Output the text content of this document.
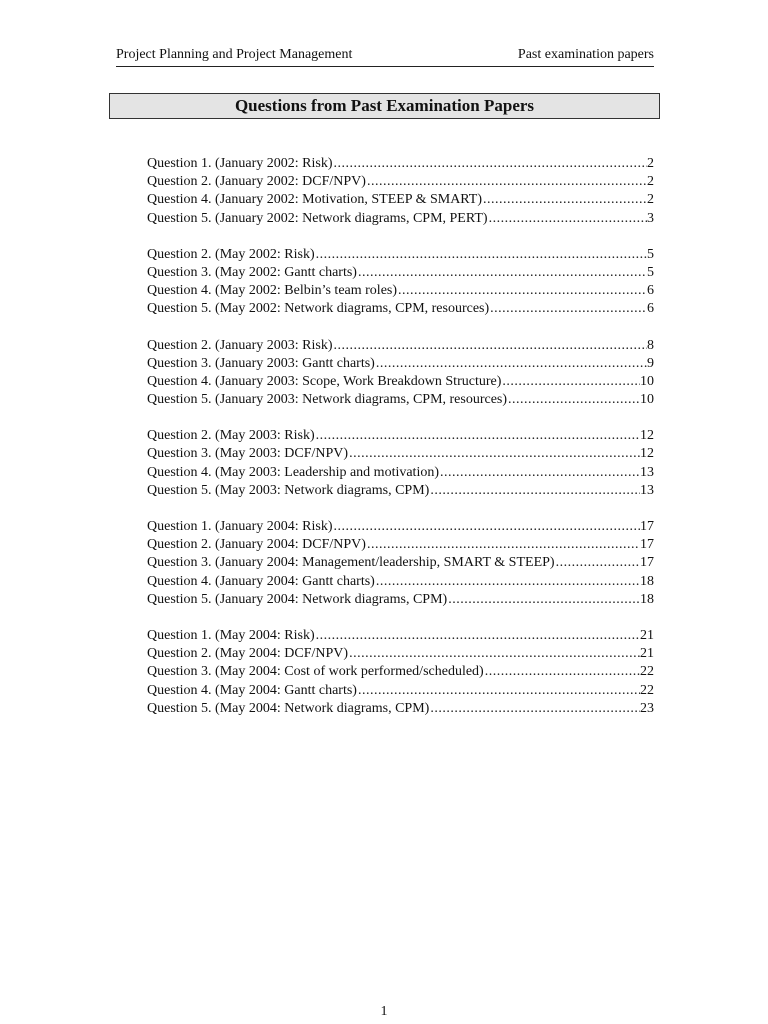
Project Planning and Project Management	Past examination papers
Questions from Past Examination Papers
Question 1. (January 2002: Risk) .....	2
Question 2. (January 2002: DCF/NPV) .....	2
Question 4. (January 2002: Motivation, STEEP & SMART) .....	2
Question 5. (January 2002: Network diagrams, CPM, PERT) .....	3
Question 2. (May 2002: Risk) .....	5
Question 3. (May 2002: Gantt charts) .....	5
Question 4. (May 2002: Belbin’s team roles) .....	6
Question 5. (May 2002: Network diagrams, CPM, resources) .....	6
Question 2. (January 2003: Risk) .....	8
Question 3. (January 2003: Gantt charts) .....	9
Question 4. (January 2003: Scope, Work Breakdown Structure) .....	10
Question 5. (January 2003: Network diagrams, CPM, resources) .....	10
Question 2. (May 2003: Risk) .....	12
Question 3. (May 2003: DCF/NPV) .....	12
Question 4. (May 2003: Leadership and motivation) .....	13
Question 5. (May 2003: Network diagrams, CPM) .....	13
Question 1. (January 2004: Risk) .....	17
Question 2. (January 2004: DCF/NPV) .....	17
Question 3. (January 2004: Management/leadership, SMART & STEEP) .....	17
Question 4. (January 2004: Gantt charts) .....	18
Question 5. (January 2004: Network diagrams, CPM) .....	18
Question 1. (May 2004: Risk) .....	21
Question 2. (May 2004: DCF/NPV) .....	21
Question 3. (May 2004: Cost of work performed/scheduled) .....	22
Question 4. (May 2004: Gantt charts) .....	22
Question 5. (May 2004: Network diagrams, CPM) .....	23
1
